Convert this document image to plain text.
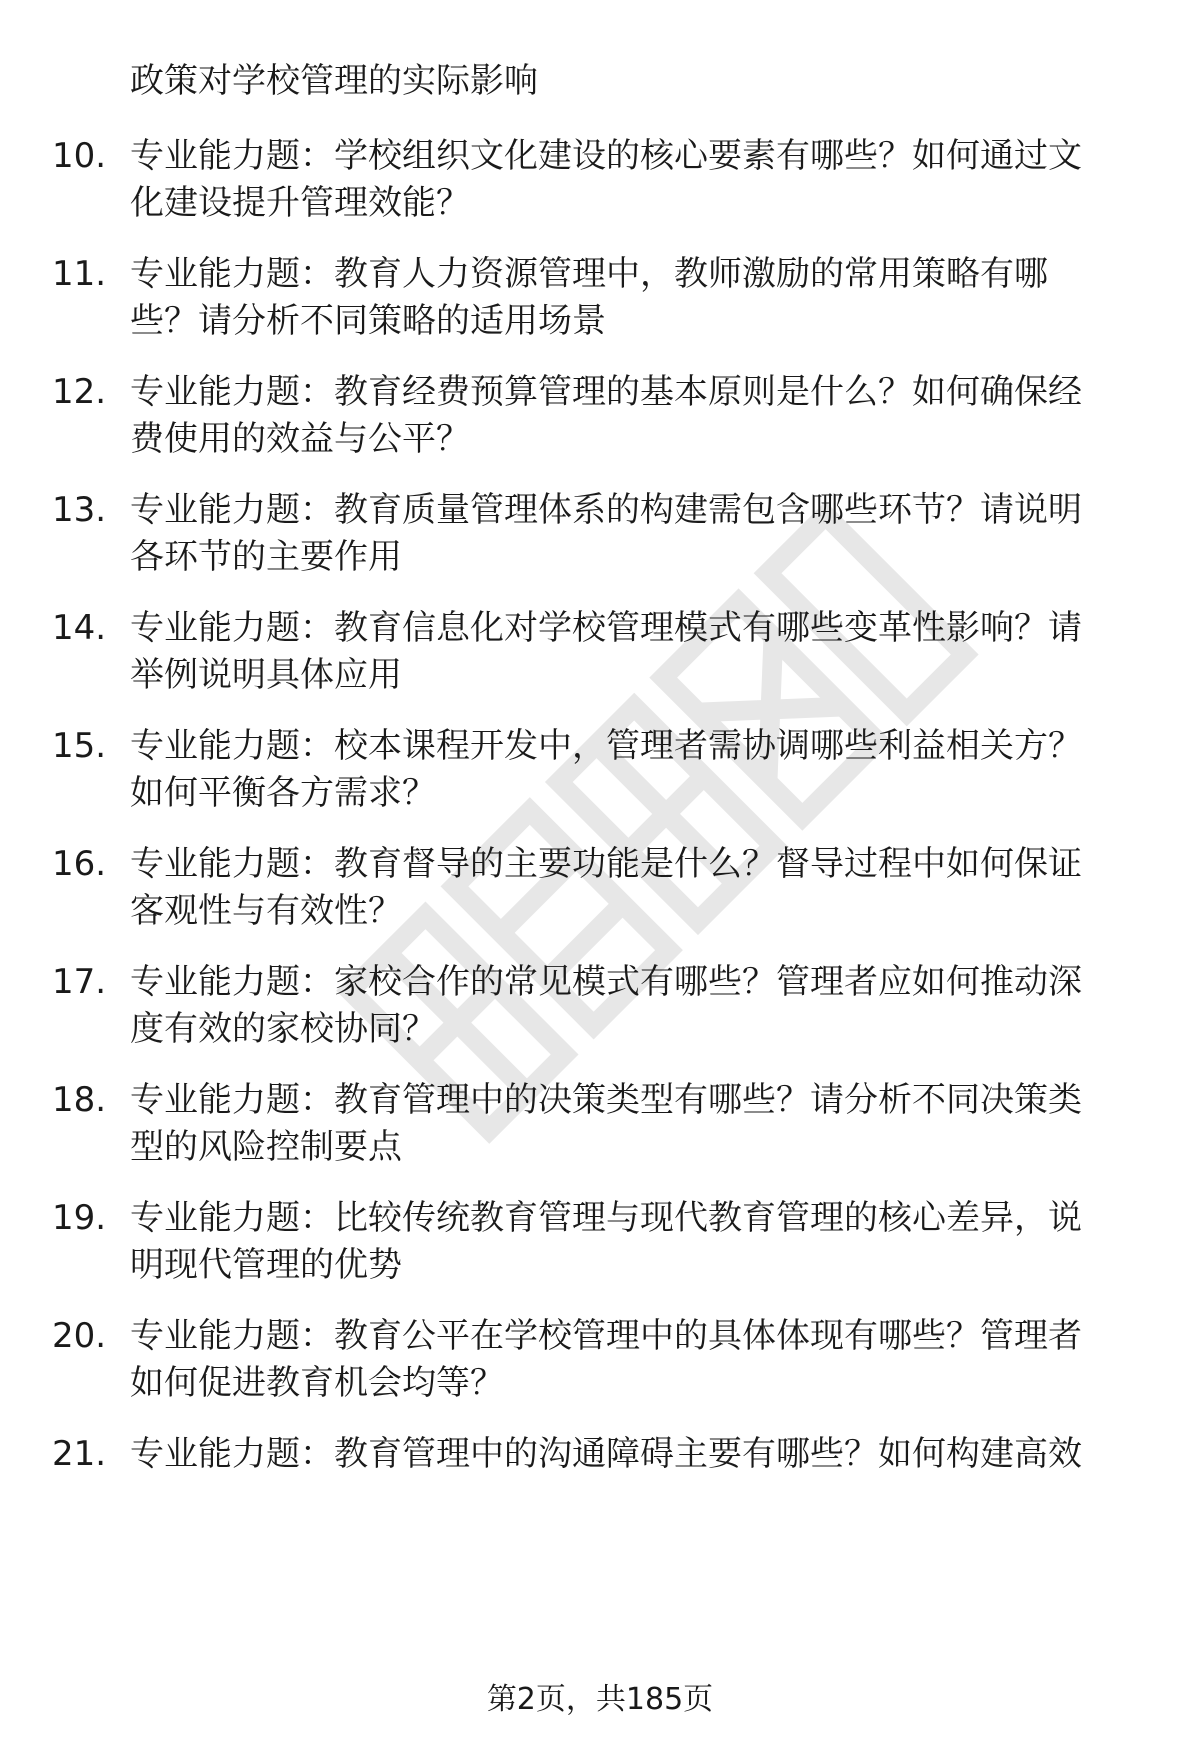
政策对学校管理的实际影响

10. 专业能力题：学校组织文化建设的核心要素有哪些？如何通过文
化建设提升管理效能？
11. 专业能力题：教育人力资源管理中，教师激励的常用策略有哪
些？请分析不同策略的适用场景
12. 专业能力题：教育经费预算管理的基本原则是什么？如何确保经
费使用的效益与公平？
13. 专业能力题：教育质量管理体系的构建需包含哪些环节？请说明
各环节的主要作用
14. 专业能力题：教育信息化对学校管理模式有哪些变革性影响？请
举例说明具体应用
15. 专业能力题：校本课程开发中，管理者需协调哪些利益相关方？
如何平衡各方需求？
16. 专业能力题：教育督导的主要功能是什么？督导过程中如何保证
客观性与有效性？
17. 专业能力题：家校合作的常见模式有哪些？管理者应如何推动深
度有效的家校协同？
18. 专业能力题：教育管理中的决策类型有哪些？请分析不同决策类
型的风险控制要点
19. 专业能力题：比较传统教育管理与现代教育管理的核心差异，说
明现代管理的优势
20. 专业能力题：教育公平在学校管理中的具体体现有哪些？管理者
如何促进教育机会均等？
21. 专业能力题：教育管理中的沟通障碍主要有哪些？如何构建高效
第2页，共185页
